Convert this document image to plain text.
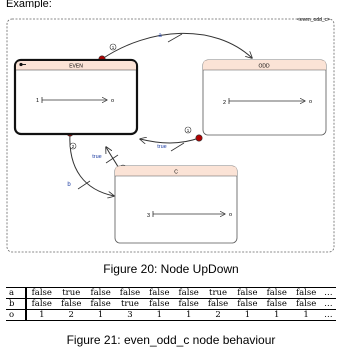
Example:
<even_odd_c>
1
a
1
true
2
b
true
EVEN
1	o
ODD
2	o
C
3	o
Figure 20: Node UpDown
a	false	true	false	false	false	false	true	false	false	false	…
b	false	false	false	true	false	false	false	false	false	false	…
o	1	2	1	3	1	1	2	1	1	1	…
Figure 21: even_odd_c node behaviour
